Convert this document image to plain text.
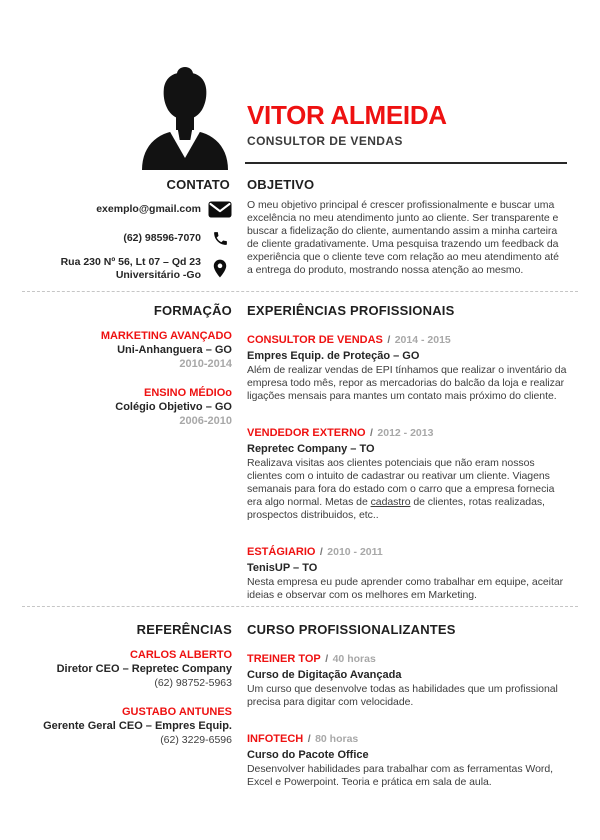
VITOR ALMEIDA
CONSULTOR DE VENDAS
CONTATO
exemplo@gmail.com
(62) 98596-7070
Rua 230 Nº 56, Lt 07 – Qd 23
Universitário -Go
OBJETIVO
O meu objetivo principal é crescer profissionalmente e buscar uma excelência no meu atendimento junto ao cliente. Ser transparente e buscar a fidelização do cliente, aumentando assim a minha carteira de cliente gradativamente. Uma pesquisa trazendo um feedback da experiência que o cliente teve com relação ao meu atendimento até a entrega do produto, mostrando nossa atenção ao mesmo.
FORMAÇÃO
MARKETING AVANÇADO
Uni-Anhanguera – GO
2010-2014
ENSINO MÉDIOo
Colégio Objetivo – GO
2006-2010
EXPERIÊNCIAS PROFISSIONAIS
CONSULTOR DE VENDAS / 2014 - 2015
Empres Equip. de Proteção – GO
Além de realizar vendas de EPI tínhamos que realizar o inventário da empresa todo mês, repor as mercadorias do balcão da loja e realizar ligações mensais para mantes um contato mais próximo do cliente.
VENDEDOR EXTERNO / 2012 - 2013
Repretec Company – TO
Realizava visitas aos clientes potenciais que não eram nossos clientes com o intuito de cadastrar ou reativar um cliente. Viagens semanais para fora do estado com o carro que a empresa fornecia era algo normal. Metas de cadastro de clientes, rotas realizadas, prospectos distribuidos, etc..
ESTÁGIARIO / 2010 - 2011
TenisUP – TO
Nesta empresa eu pude aprender como trabalhar em equipe, aceitar ideias e observar com os melhores em Marketing.
REFERÊNCIAS
CARLOS ALBERTO
Diretor CEO – Repretec Company
(62) 98752-5963
GUSTABO ANTUNES
Gerente Geral CEO – Empres Equip.
(62) 3229-6596
CURSO PROFISSIONALIZANTES
TREINER TOP / 40 horas
Curso de Digitação Avançada
Um curso que desenvolve todas as habilidades que um profissional precisa para digitar com velocidade.
INFOTECH / 80 horas
Curso do Pacote Office
Desenvolver habilidades para trabalhar com as ferramentas Word, Excel e Powerpoint. Teoria e prática em sala de aula.
